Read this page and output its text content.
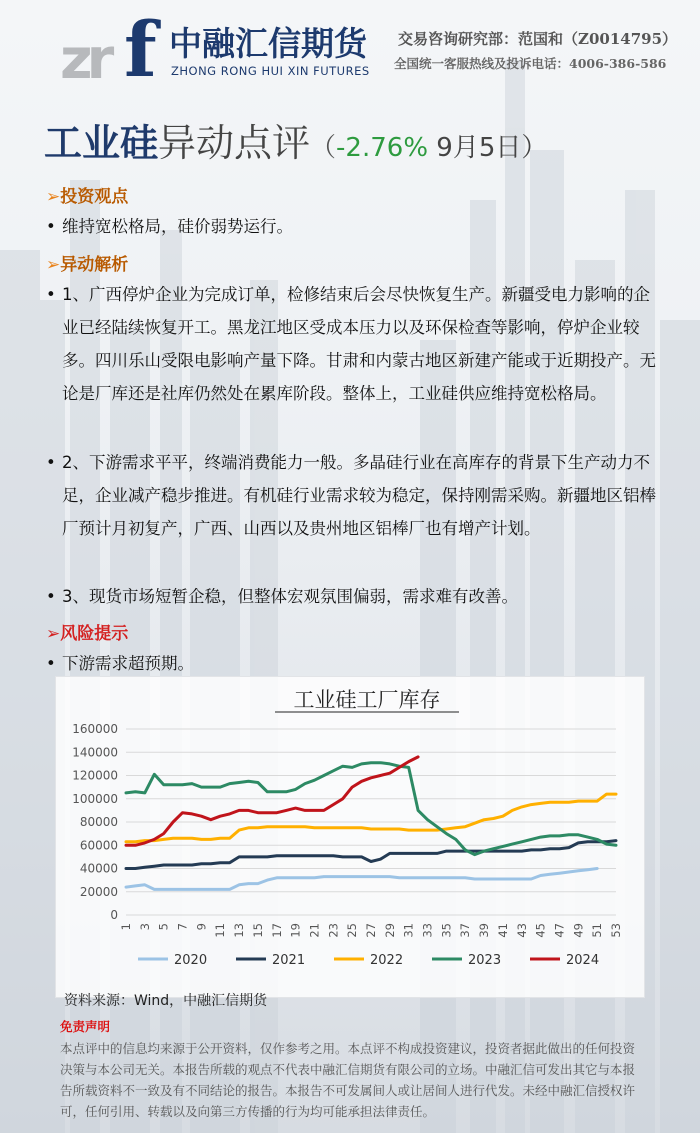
zr f 中融汇信期货
ZHONG RONG HUI XIN FUTURES
交易咨询研究部：范国和（Z0014795）
全国统一客服热线及投诉电话：4006-386-586
工业硅异动点评（-2.76% 9月5日）
➢投资观点
• 维持宽松格局，硅价弱势运行。
➢异动解析
• 1、广西停炉企业为完成订单，检修结束后会尽快恢复生产。新疆受电力影响的企业已经陆续恢复开工。黑龙江地区受成本压力以及环保检查等影响，停炉企业较多。四川乐山受限电影响产量下降。甘肃和内蒙古地区新建产能或于近期投产。无论是厂库还是社库仍然处在累库阶段。整体上，工业硅供应维持宽松格局。
• 2、下游需求平平，终端消费能力一般。多晶硅行业在高库存的背景下生产动力不足，企业减产稳步推进。有机硅行业需求较为稳定，保持刚需采购。新疆地区铝棒厂预计月初复产，广西、山西以及贵州地区铝棒厂也有增产计划。
• 3、现货市场短暂企稳，但整体宏观氛围偏弱，需求难有改善。
➢风险提示
• 下游需求超预期。
工业硅工厂库存
0
20000
40000
60000
80000
100000
120000
140000
160000
1 3 5 7 9 11 13 15 17 19 21 23 25 27 29 31 33 35 37 39 41 43 45 47 49 51 53
2020	2021	2022	2023	2024
资料来源：Wind，中融汇信期货
免责声明
本点评中的信息均来源于公开资料，仅作参考之用。本点评不构成投资建议，投资者据此做出的任何投资决策与本公司无关。本报告所载的观点不代表中融汇信期货有限公司的立场。中融汇信可发出其它与本报告所载资料不一致及有不同结论的报告。本报告不可发属间人或让居间人进行代发。未经中融汇信授权许可，任何引用、转载以及向第三方传播的行为均可能承担法律责任。
